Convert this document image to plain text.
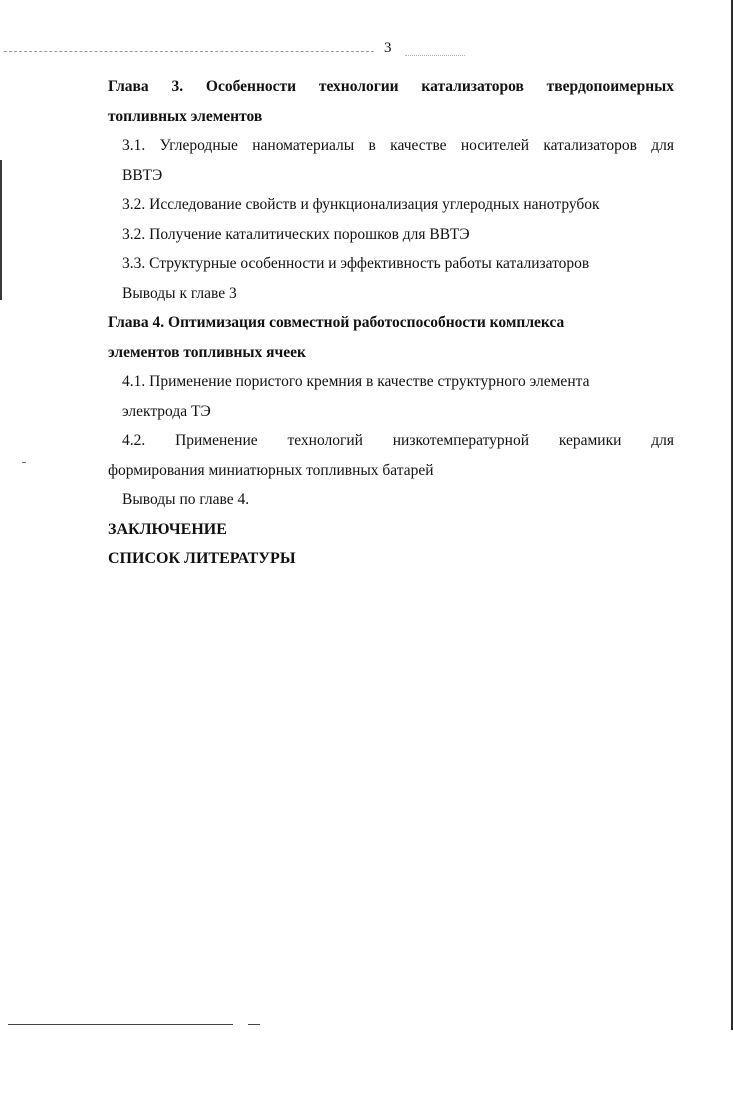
3
Глава 3. Особенности технологии катализаторов твердопоимерных
топливных элементов
3.1. Углеродные наноматериалы в качестве носителей катализаторов для
ВВТЭ
3.2. Исследование свойств и функционализация углеродных нанотрубок
3.2. Получение каталитических порошков для ВВТЭ
3.3. Структурные особенности и эффективность работы катализаторов
Выводы к главе 3
Глава 4. Оптимизация совместной работоспособности комплекса
элементов топливных ячеек
4.1. Применение пористого кремния в качестве структурного элемента
электрода ТЭ
4.2. Применение технологий низкотемпературной керамики для
формирования миниатюрных топливных батарей
Выводы по главе 4.
ЗАКЛЮЧЕНИЕ
СПИСОК ЛИТЕРАТУРЫ
